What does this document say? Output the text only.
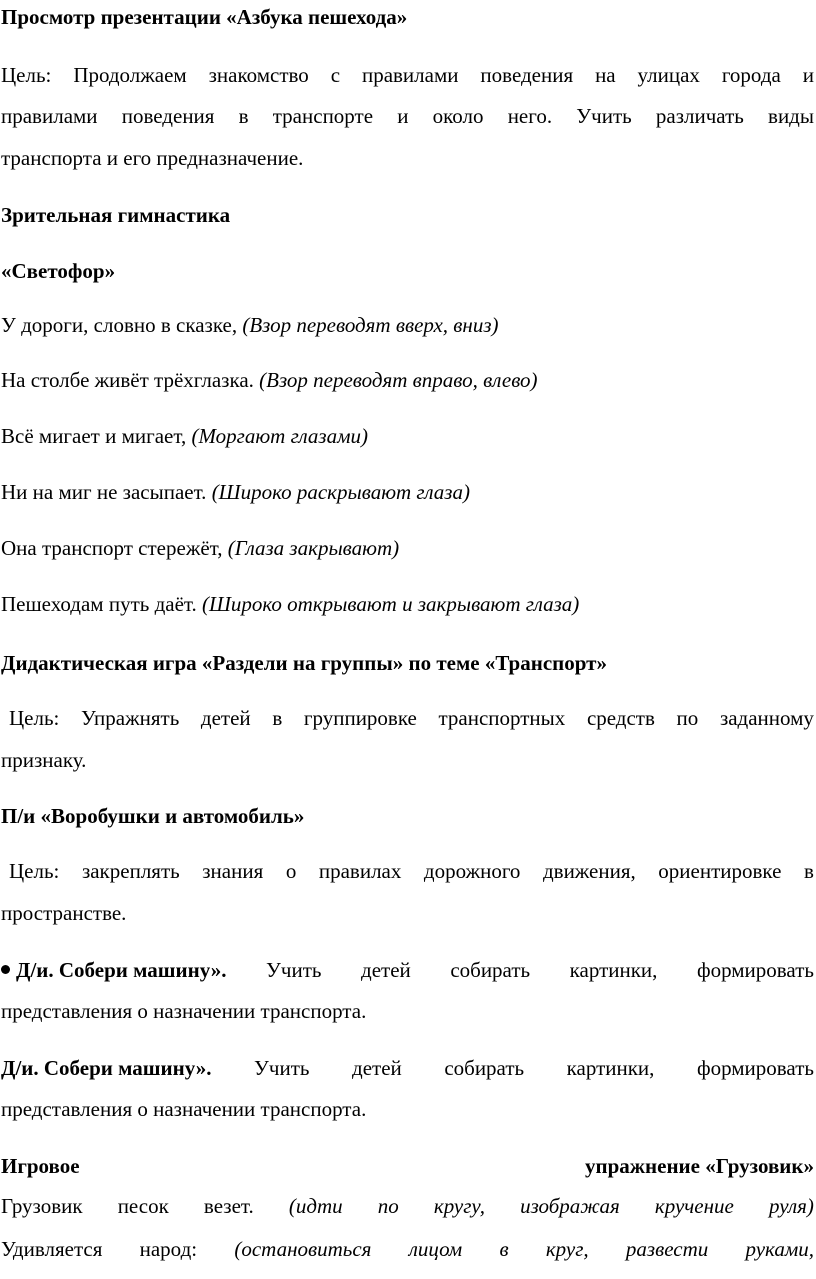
Просмотр презентации «Азбука пешехода»
Цель: Продолжаем знакомство с правилами поведения на улицах города и
правилами поведения в транспорте и около него. Учить различать виды
транспорта и его предназначение.
Зрительная гимнастика
«Светофор»
У дороги, словно в сказке, (Взор переводят вверх, вниз)
На столбе живёт трёхглазка. (Взор переводят вправо, влево)
Всё мигает и мигает, (Моргают глазами)
Ни на миг не засыпает. (Широко раскрывают глаза)
Она транспорт стережёт, (Глаза закрывают)
Пешеходам путь даёт. (Широко открывают и закрывают глаза)
Дидактическая игра «Раздели на группы» по теме «Транспорт»
Цель: Упражнять детей в группировке транспортных средств по заданному
признаку.
П/и «Воробушки и автомобиль»
Цель: закреплять знания о правилах дорожного движения, ориентировке в
пространстве.
Д/и. Собери машину». Учить детей собирать картинки, формировать
представления о назначении транспорта.
Д/и. Собери машину». Учить детей собирать картинки, формировать
представления о назначении транспорта.
Игровое	упражнение «Грузовик»
Грузовик песок везет. (идти по кругу, изображая кручение руля)
Удивляется народ: (остановиться лицом в круг, развести руками,
